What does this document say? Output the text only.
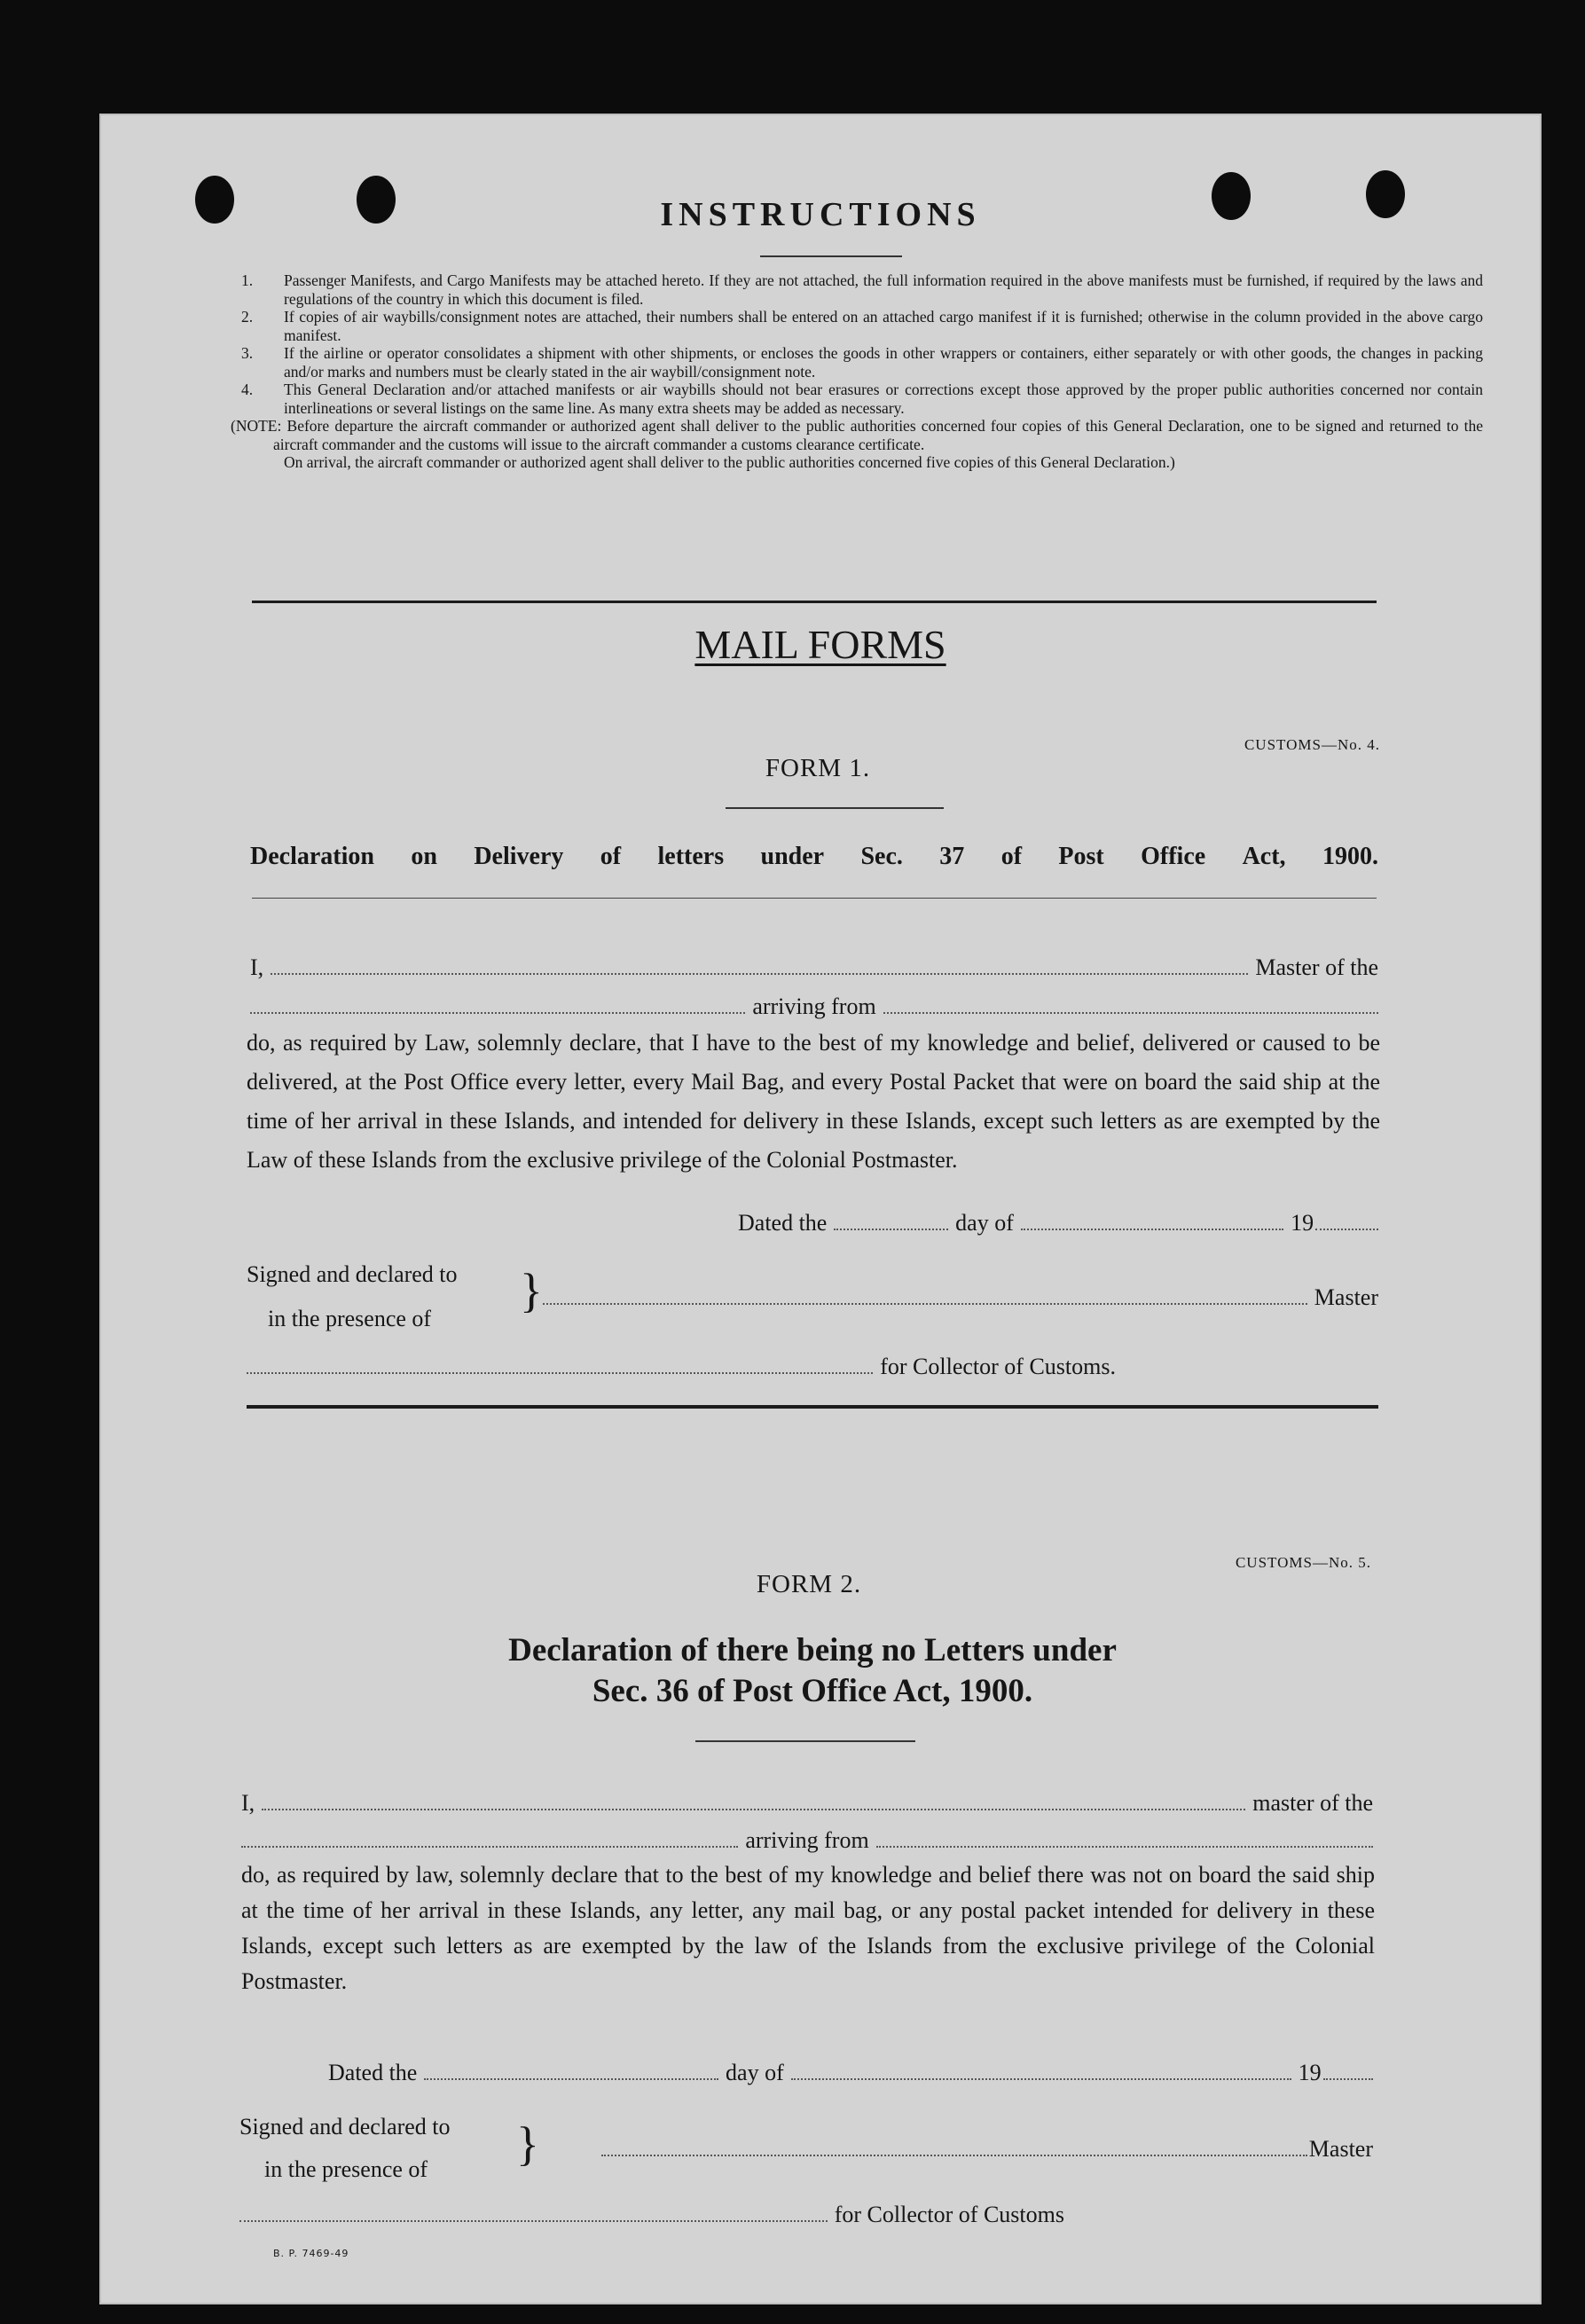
INSTRUCTIONS
1.	Passenger Manifests, and Cargo Manifests may be attached hereto. If they are not attached, the full information required in the above manifests must be furnished, if required by the laws and regulations of the country in which this document is filed.
2.	If copies of air waybills/consignment notes are attached, their numbers shall be entered on an attached cargo manifest if it is furnished; otherwise in the column provided in the above cargo manifest.
3.	If the airline or operator consolidates a shipment with other shipments, or encloses the goods in other wrappers or containers, either separately or with other goods, the changes in packing and/or marks and numbers must be clearly stated in the air waybill/consignment note.
4.	This General Declaration and/or attached manifests or air waybills should not bear erasures or corrections except those approved by the proper public authorities concerned nor contain interlineations or several listings on the same line. As many extra sheets may be added as necessary.
(NOTE: Before departure the aircraft commander or authorized agent shall deliver to the public authorities concerned four copies of this General Declaration, one to be signed and returned to the aircraft commander and the customs will issue to the aircraft commander a customs clearance certificate.
On arrival, the aircraft commander or authorized agent shall deliver to the public authorities concerned five copies of this General Declaration.)
MAIL FORMS
CUSTOMS—No. 4.
FORM 1.
Declaration on Delivery of letters under Sec. 37 of Post Office Act, 1900.
I,	Master of the
arriving from
do, as required by Law, solemnly declare, that I have to the best of my knowledge and belief, delivered or caused to be delivered, at the Post Office every letter, every Mail Bag, and every Postal Packet that were on board the said ship at the time of her arrival in these Islands, and intended for delivery in these Islands, except such letters as are exempted by the Law of these Islands from the exclusive privilege of the Colonial Postmaster.
Dated the	day of	19
Signed and declared to
in the presence of
}	Master
for Collector of Customs.
CUSTOMS—No. 5.
FORM 2.
Declaration of there being no Letters under
Sec. 36 of Post Office Act, 1900.
I,	master of the
arriving from
do, as required by law, solemnly declare that to the best of my knowledge and belief there was not on board the said ship at the time of her arrival in these Islands, any letter, any mail bag, or any postal packet intended for delivery in these Islands, except such letters as are exempted by the law of the Islands from the exclusive privilege of the Colonial Postmaster.
Dated the	day of	19
Signed and declared to
in the presence of	}	Master
for Collector of Customs
B. P. 7469-49
